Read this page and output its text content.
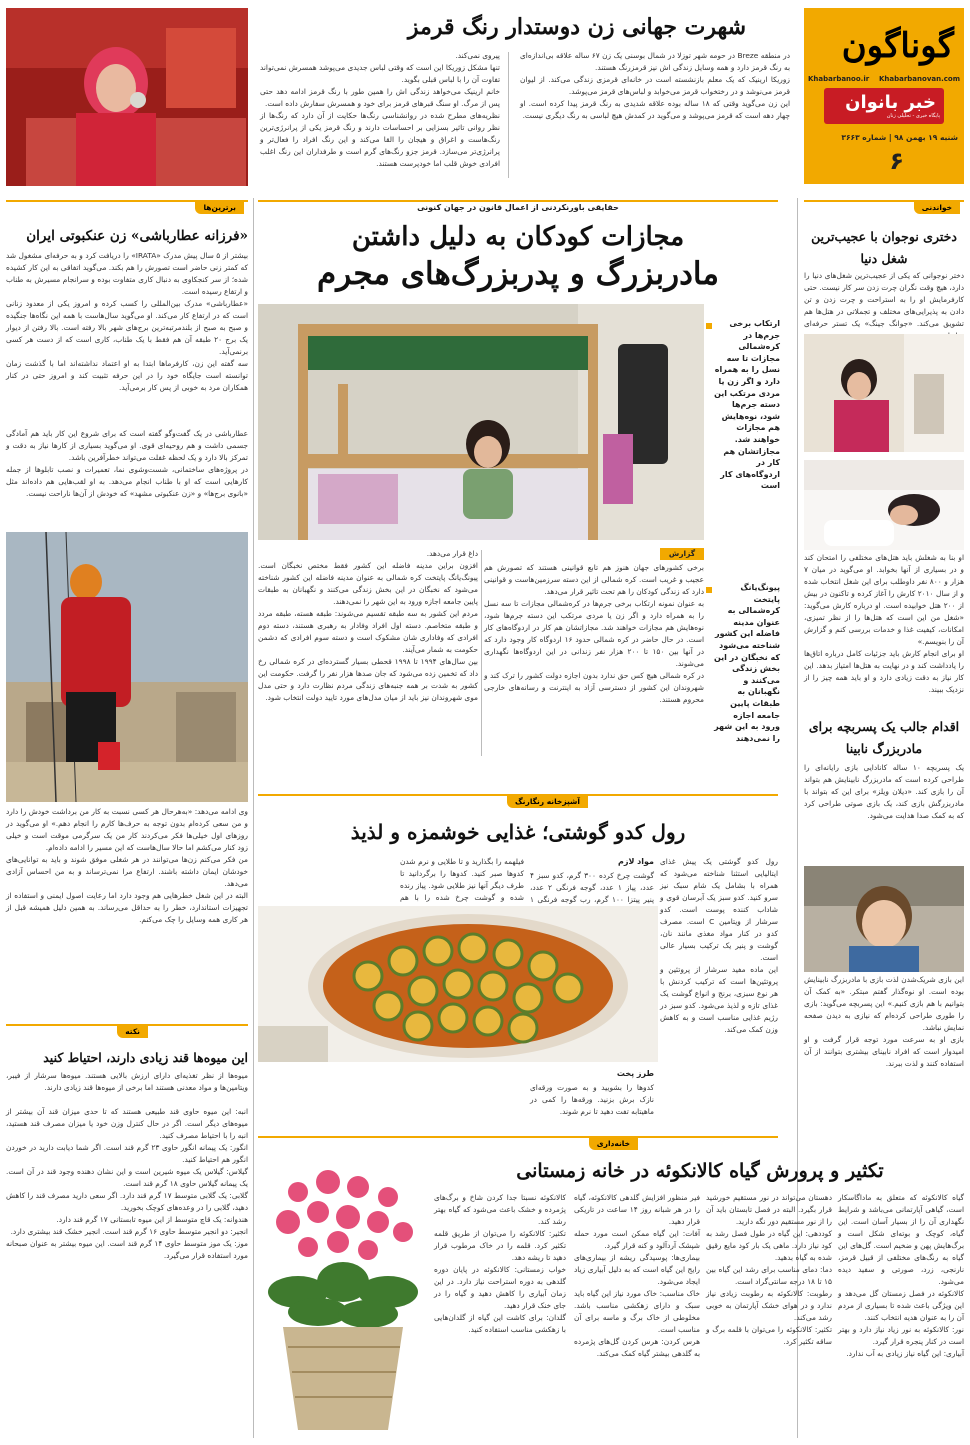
گوناگون
Khabarbanoo.ir Khabarbanovan.com
خبر بانوان
پایگاه خبری - تحلیلی زنان
شنبه ۱۹ بهمن ۹۸ | شماره ۳۶۶۳
۶
شهرت جهانی زن دوستدار رنگ قرمز
در منطقه Breze در حومه شهر توزلا در شمال بوسنی یک زن ۶۷ ساله علاقه بی‌اندازه‌ای به رنگ قرمز دارد و همه وسایل زندگی اش نیز قرمزرنگ هستند.
زوریکا ارینیک که یک معلم بازنشسته است در خانه‌ای قرمزی زندگی می‌کند. از لیوان قرمز می‌نوشد و در رختخواب قرمز می‌خوابد و لباس‌های قرمز می‌پوشد.
این زن می‌گوید وقتی که ۱۸ ساله بوده علاقه شدیدی به رنگ قرمز پیدا کرده است. او چهار دهه است که قرمز می‌پوشد و می‌گوید در کمدش هیچ لباسی به رنگ دیگری نیست.
پیروی نمی‌کند.
تنها مشکل زوریکا این است که وقتی لباس جدیدی می‌پوشد همسرش نمی‌تواند تفاوت آن را با لباس قبلی بگوید.
خانم ارینیک می‌خواهد زندگی اش را همین طور با رنگ قرمز ادامه دهد حتی پس از مرگ. او سنگ قبرهای قرمز برای خود و همسرش سفارش داده است.
نظریه‌های مطرح شده در روانشناسی رنگ‌ها حکایت از آن دارد که رنگ‌ها از نظر روانی تاثیر بسزایی بر احساسات دارند و رنگ قرمز یکی از پرانرژی‌ترین رنگ‌هاست و اغراق و هیجان را القا می‌کند و این رنگ افراد را فعال‌تر و پرانرژی‌تر می‌سازد. قرمز جزو رنگ‌های گرم است و طرفداران این رنگ اغلب افرادی خوش قلب اما خودپرست هستند.
برترین‌ها
«فرزانه عطارباشی» زن عنکبوتی ایران
بیشتر از ۵ سال پیش مدرک «IRATA» را دریافت کرد و به حرفه‌ای مشغول شد که کمتر زنی حاضر است تصورش را هم بکند. می‌گوید اتفاقی به این کار کشیده شده؛ از سر کنجکاوی به دنبال کاری متفاوت بوده و سرانجام مسیرش به طناب و ارتفاع رسیده است.
«عطارباشی» مدرک بین‌المللی را کسب کرده و امروز یکی از معدود زنانی است که در ارتفاع کار می‌کند. او می‌گوید سال‌هاست با همه این نگاه‌ها جنگیده و صبح به صبح از بلندمرتبه‌ترین برج‌های شهر بالا رفته است. بالا رفتن از دیوار یک برج ۲۰ طبقه آن هم فقط با یک طناب، کاری است که از دست هر کسی برنمی‌آید.
سه گفته این زن، کارفرماها ابتدا به او اعتماد نداشته‌اند اما با گذشت زمان توانسته است جایگاه خود را در این حرفه تثبیت کند و امروز حتی در کنار همکاران مرد به خوبی از پس کار برمی‌آید.
عطارباشی در یک گفت‌وگو گفته است که برای شروع این کار باید هم آمادگی جسمی داشت و هم روحیه‌ای قوی. او می‌گوید بسیاری از کارها نیاز به دقت و تمرکز بالا دارد و یک لحظه غفلت می‌تواند خطرآفرین باشد.
در پروژه‌های ساختمانی، شست‌وشوی نما، تعمیرات و نصب تابلوها از جمله کارهایی است که او با طناب انجام می‌دهد. به او لقب‌هایی هم داده‌اند مثل «بانوی برج‌ها» و «زن عنکبوتی مشهد» که خودش از آن‌ها ناراحت نیست.
وی ادامه می‌دهد: «به‌هرحال هر کسی نسبت به کار من برداشت خودش را دارد و من سعی کرده‌ام بدون توجه به حرف‌ها کارم را انجام دهم.» او می‌گوید در روزهای اول خیلی‌ها فکر می‌کردند کار من یک سرگرمی موقت است و خیلی زود کنار می‌کشم اما حالا سال‌هاست که این مسیر را ادامه داده‌ام.
من فکر می‌کنم زن‌ها می‌توانند در هر شغلی موفق شوند و باید به توانایی‌های خودشان ایمان داشته باشند. ارتفاع مرا نمی‌ترساند و به من احساس آزادی می‌دهد.
البته در این شغل خطرهایی هم وجود دارد اما رعایت اصول ایمنی و استفاده از تجهیزات استاندارد، خطر را به حداقل می‌رساند. به همین دلیل همیشه قبل از هر کاری همه وسایل را چک می‌کنم.
نکته
این میوه‌ها قند زیادی دارند، احتیاط کنید
میوه‌ها از نظر تغذیه‌ای دارای ارزش بالایی هستند. میوه‌ها سرشار از فیبر، ویتامین‌ها و مواد معدنی هستند اما برخی از میوه‌ها قند زیادی دارند.
انبه: این میوه حاوی قند طبیعی هستند که تا حدی میزان قند آن بیشتر از میوه‌های دیگر است. اگر در حال کنترل وزن خود یا میزان مصرف قند هستید، انبه را با احتیاط مصرف کنید.
انگور: یک پیمانه انگور حاوی ۲۳ گرم قند است. اگر شما دیابت دارید در خوردن انگور هم احتیاط کنید.
گیلاس: گیلاس یک میوه شیرین است و این نشان دهنده وجود قند در آن است. یک پیمانه گیلاس حاوی ۱۸ گرم قند است.
گلابی: یک گلابی متوسط ۱۷ گرم قند دارد. اگر سعی دارید مصرف قند را کاهش دهید، گلابی را در وعده‌های کوچک بخورید.
هندوانه: یک قاچ متوسط از این میوه تابستانی ۱۷ گرم قند دارد.
انجیر: دو انجیر متوسط حاوی ۱۶ گرم قند است. انجیر خشک قند بیشتری دارد.
موز: یک موز متوسط حاوی ۱۴ گرم قند است. این میوه بیشتر به عنوان صبحانه مورد استفاده قرار می‌گیرد.
حقایقی باورنکردنی از اعمال قانون در جهان کنونی
مجازات کودکان به دلیل داشتن
مادربزرگ و پدربزرگ‌های مجرم
ارتکاب برخی جرم‌ها در کره‌شمالی مجازات تا سه نسل را به همراه دارد و اگر زن یا مردی مرتکب این دسته جرم‌ها شود، نوه‌هایش هم مجازات خواهند شد. مجازاتشان هم کار در اردوگاه‌های کار است
پیونگ‌یانگ پایتخت کره‌شمالی به عنوان مدینه فاضله این کشور شناخته می‌شود که نخبگان در این بخش زندگی می‌کنند و نگهبانان به طبقات پایین جامعه اجازه ورود به این شهر را نمی‌دهند
گزارش
برخی کشورهای جهان هنوز هم تابع قوانینی هستند که تصورش هم عجیب و غریب است. کره شمالی از این دسته سرزمین‌هاست و قوانینی دارد که زندگی کودکان را هم تحت تاثیر قرار می‌دهد.
به عنوان نمونه ارتکاب برخی جرم‌ها در کره‌شمالی مجازات تا سه نسل را به همراه دارد و اگر زن یا مردی مرتکب این دسته جرم‌ها شود، نوه‌هایش هم مجازات خواهند شد. مجازاتشان هم کار در اردوگاه‌های کار است. در حال حاضر در کره شمالی حدود ۱۶ اردوگاه کار وجود دارد که در آنها بین ۱۵۰ تا ۲۰۰ هزار نفر زندانی در این اردوگاه‌ها نگهداری می‌شوند.
در کره شمالی هیچ کس حق ندارد بدون اجازه دولت کشور را ترک کند و شهروندان این کشور از دسترسی آزاد به اینترنت و رسانه‌های خارجی محروم هستند.
داغ قرار می‌دهد.
افزون براین مدینه فاضله این کشور فقط مختص نخبگان است. پیونگ‌یانگ پایتخت کره شمالی به عنوان مدینه فاضله این کشور شناخته می‌شود که نخبگان در این بخش زندگی می‌کنند و نگهبانان به طبقات پایین جامعه اجازه ورود به این شهر را نمی‌دهند.
مردم این کشور به سه طبقه تقسیم می‌شوند: طبقه هسته، طبقه مردد و طبقه متخاصم. دسته اول افراد وفادار به رهبری هستند، دسته دوم افرادی که وفاداری شان مشکوک است و دسته سوم افرادی که دشمن حکومت به شمار می‌آیند.
بین سال‌های ۱۹۹۴ تا ۱۹۹۸ قحطی بسیار گسترده‌ای در کره شمالی رخ داد که تخمین زده می‌شود که جان صدها هزار نفر را گرفت. حکومت این کشور به شدت بر همه جنبه‌های زندگی مردم نظارت دارد و حتی مدل موی شهروندان نیز باید از میان مدل‌های مورد تایید دولت انتخاب شود.
خواندنی
دختری نوجوان با عجیب‌ترین شغل دنیا
دختر نوجوانی که یکی از عجیب‌ترین شغل‌های دنیا را دارد، هیچ وقت نگران چرت زدن سر کار نیست. حتی کارفرمایش او را به استراحت و چرت زدن و تن دادن به پذیرایی‌های مختلف و تجملاتی در هتل‌ها هم تشویق می‌کند. «جوانگ جینگ» یک تستر حرفه‌ای
او بنا به شغلش باید هتل‌های مختلفی را امتحان کند و در بسیاری از آنها بخوابد. او می‌گوید در میان ۷ هزار و ۸۰۰ نفر داوطلب برای این شغل انتخاب شده و از سال ۲۰۱۰ کارش را آغاز کرده و تاکنون در بیش از ۲۰۰ هتل خوابیده است. او درباره کارش می‌گوید: «شغل من این است که هتل‌ها را از نظر تمیزی، امکانات، کیفیت غذا و خدمات بررسی کنم و گزارش آن را بنویسم.»
او برای انجام کارش باید جزئیات کامل درباره اتاق‌ها را یادداشت کند و در نهایت به هتل‌ها امتیاز بدهد. این کار نیاز به دقت زیادی دارد و او باید همه چیز را از نزدیک ببیند.
اقدام جالب یک پسربچه برای مادربزرگ نابینا
یک پسربچه ۱۰ ساله کانادایی بازی رایانه‌ای را طراحی کرده است که مادربزرگ نابینایش هم بتواند آن را بازی کند. «دیلان ویلز» برای این که بتواند با مادربزرگش بازی کند، یک بازی صوتی طراحی کرد که به کمک صدا هدایت می‌شود.
این بازی شریک‌شدن لذت بازی با مادربزرگ نابینایش بوده است. او نوه‌گذار گفتم مبتکر. «به کمک آن بتوانیم با هم بازی کنیم.» این پسربچه می‌گوید: بازی را طوری طراحی کرده‌ام که نیازی به دیدن صفحه نمایش نباشد.
بازی او به سرعت مورد توجه قرار گرفت و او امیدوار است که افراد نابینای بیشتری بتوانند از آن استفاده کنند و لذت ببرند.
آشپزخانه رنگارنگ
رول کدو گوشتی؛ غذایی خوشمزه و لذیذ
رول کدو گوشتی یک پیش غذای ایتالیایی استثنا شناخته می‌شود که همراه با بشامل یک شام سبک نیز سرو کنید. کدو سبز یک آبرسان قوی و شاداب کننده پوست است. کدو سرشار از ویتامین C است. مصرف کدو در کنار مواد مغذی مانند نان، گوشت و پنیر یک ترکیب بسیار عالی است.
این ماده مفید سرشار از پروتئین و پروتئین‌ها است که ترکیب کردنش با هر نوع سبزی، برنج و انواع گوشت یک غذای تازه و لذیذ می‌شود. کدو سبز در رژیم غذایی مناسب است و به کاهش وزن کمک می‌کند.
مواد لازم
گوشت چرخ کرده ۳۰۰ گرم، کدو سبز ۴ عدد، پیاز ۱ عدد، گوجه فرنگی ۲ عدد، پنیر پیتزا ۱۰۰ گرم، رب گوجه فرنگی ۱
فیلهمه را بگذارید و تا طلایی و نرم شدن کدوها صبر کنید. کدوها را برگردانید تا طرف دیگر آنها نیز طلایی شود. پیاز رنده شده و گوشت چرخ شده را با هم

طرز پخت
کدوها را بشویید و به صورت ورقه‌ای نازک برش بزنید. ورقه‌ها را کمی در ماهیتابه تفت دهید تا نرم شوند.
خانه‌داری
تکثیر و پرورش گیاه کالانکوئه در خانه زمستانی
گیاه کالانکوئه که متعلق به ماداگاسکار است، گیاهی آپارتمانی می‌باشد و شرایط نگهداری آن را از بسیار آسان است. این گیاه، کوچک و بوته‌ای شکل است و برگ‌هایش پهن و ضخیم است. گل‌های این گیاه به رنگ‌های مختلفی از قبیل قرمز، نارنجی، زرد، صورتی و سفید دیده می‌شود.
کالانکوئه در فصل زمستان گل می‌دهد و این ویژگی باعث شده تا بسیاری از مردم آن را به عنوان هدیه انتخاب کنند.
نور: کالانکوئه به نور زیاد نیاز دارد و بهتر است در کنار پنجره قرار گیرد.
آبیاری: این گیاه نیاز زیادی به آب ندارد.
دهستان می‌تواند در نور مستقیم خورشید قرار بگیرد. البته در فصل تابستان باید آن را از نور مستقیم دور نگه دارید.
کوددهی: این گیاه در طول فصل رشد به کود نیاز دارد. ماهی یک بار کود مایع رقیق شده به گیاه بدهید.
دما: دمای مناسب برای رشد این گیاه بین ۱۵ تا ۱۸ درجه سانتی‌گراد است.
رطوبت: کالانکوئه به رطوبت زیادی نیاز ندارد و در هوای خشک آپارتمان به خوبی رشد می‌کند.
تکثیر: کالانکوئه را می‌توان با قلمه برگ و ساقه تکثیر کرد.
فیر منظور افزایش گلدهی کالانکوئه، گیاه را در هر شبانه روز ۱۴ ساعت در تاریکی قرار دهید.
آفات: این گیاه ممکن است مورد حمله شپشک آردآلود و کنه قرار گیرد.
بیماری‌ها: پوسیدگی ریشه از بیماری‌های رایج این گیاه است که به دلیل آبیاری زیاد ایجاد می‌شود.
خاک مناسب: خاک مورد نیاز این گیاه باید سبک و دارای زهکشی مناسب باشد. مخلوطی از خاک برگ و ماسه برای آن مناسب است.
هرس کردن: هرس کردن گل‌های پژمرده به گلدهی بیشتر گیاه کمک می‌کند.
کالانکوئه نسبتا جدا کردن شاخ و برگ‌های پژمرده و خشک باعث می‌شود که گیاه بهتر رشد کند.
تکثیر: کالانکوئه را می‌توان از طریق قلمه تکثیر کرد. قلمه را در خاک مرطوب قرار دهید تا ریشه دهد.
خواب زمستانی: کالانکوئه در پایان دوره گلدهی به دوره استراحت نیاز دارد. در این زمان آبیاری را کاهش دهید و گیاه را در جای خنک قرار دهید.
گلدان: برای کاشت این گیاه از گلدان‌هایی با زهکشی مناسب استفاده کنید.
